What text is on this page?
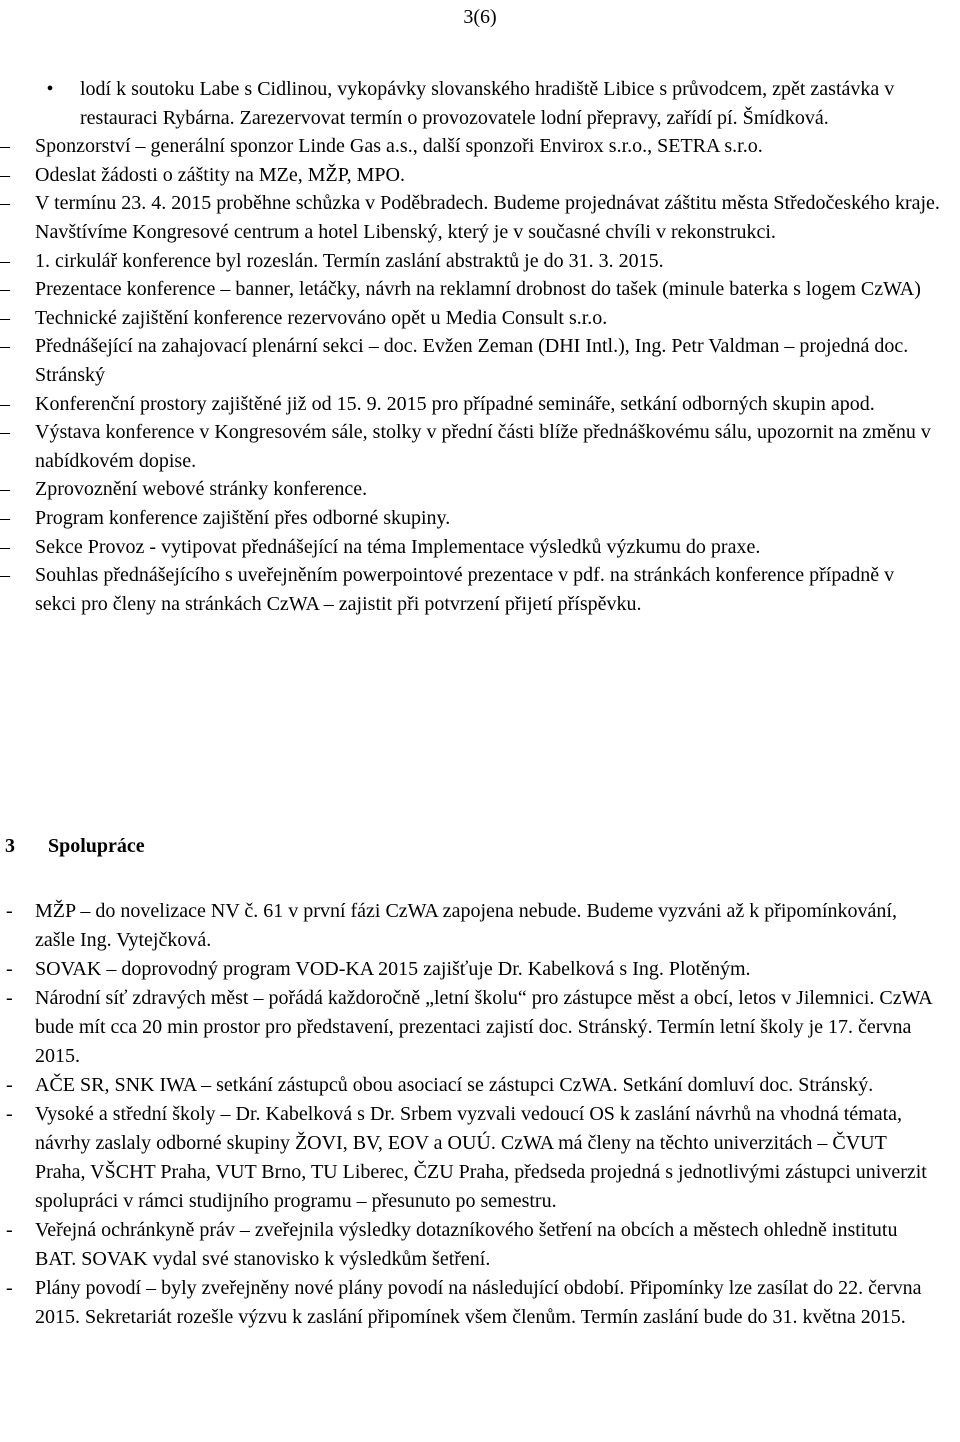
3(6)
•	lodí k soutoku Labe s Cidlinou, vykopávky slovanského hradiště Libice s průvodcem, zpět zastávka v restauraci Rybárna. Zarezervovat termín o provozovatele lodní přepravy, zařídí pí. Šmídková.
–	Sponzorství – generální sponzor Linde Gas a.s., další sponzoři Envirox s.r.o., SETRA s.r.o.
–	Odeslat žádosti o záštity na MZe, MŽP, MPO.
–	V termínu 23. 4. 2015 proběhne schůzka v Poděbradech. Budeme projednávat záštitu města Středočeského kraje. Navštívíme Kongresové centrum a hotel Libenský, který je v současné chvíli v rekonstrukci.
–	1. cirkulář konference byl rozeslán. Termín zaslání abstraktů je do 31. 3. 2015.
–	Prezentace konference – banner, letáčky, návrh na reklamní drobnost do tašek (minule baterka s logem CzWA)
–	Technické zajištění konference rezervováno opět u Media Consult s.r.o.
–	Přednášející na zahajovací plenární sekci – doc. Evžen Zeman (DHI Intl.), Ing. Petr Valdman – projedná doc. Stránský
–	Konferenční prostory zajištěné již od 15. 9. 2015 pro případné semináře, setkání odborných skupin apod.
–	Výstava konference v Kongresovém sále, stolky v přední části blíže přednáškovému sálu, upozornit na změnu v nabídkovém dopise.
–	Zprovoznění webové stránky konference.
–	Program konference zajištění přes odborné skupiny.
–	Sekce Provoz - vytipovat přednášející na téma Implementace výsledků výzkumu do praxe.
–	Souhlas přednášejícího s uveřejněním powerpointové prezentace v pdf. na stránkách konference případně v sekci pro členy na stránkách CzWA – zajistit při potvrzení přijetí příspěvku.
3 Spolupráce
- MŽP – do novelizace NV č. 61 v první fázi CzWA zapojena nebude. Budeme vyzváni až k připomínkování, zašle Ing. Vytejčková.
- SOVAK – doprovodný program VOD-KA 2015 zajišťuje Dr. Kabelková s Ing. Plotěným.
- Národní síť zdravých měst – pořádá každoročně „letní školu“ pro zástupce měst a obcí, letos v Jilemnici. CzWA bude mít cca 20 min prostor pro představení, prezentaci zajistí doc. Stránský. Termín letní školy je 17. června 2015.
- AČE SR, SNK IWA – setkání zástupců obou asociací se zástupci CzWA. Setkání domluví doc. Stránský.
- Vysoké a střední školy – Dr. Kabelková s Dr. Srbem vyzvali vedoucí OS k zaslání návrhů na vhodná témata, návrhy zaslaly odborné skupiny ŽOVI, BV, EOV a OUÚ. CzWA má členy na těchto univerzitách – ČVUT Praha, VŠCHT Praha, VUT Brno, TU Liberec, ČZU Praha, předseda projedná s jednotlivými zástupci univerzit spolupráci v rámci studijního programu – přesunuto po semestru.
- Veřejná ochránkyně práv – zveřejnila výsledky dotazníkového šetření na obcích a městech ohledně institutu BAT. SOVAK vydal své stanovisko k výsledkům šetření.
- Plány povodí – byly zveřejněny nové plány povodí na následující období. Připomínky lze zasílat do 22. června 2015. Sekretariát rozešle výzvu k zaslání připomínek všem členům. Termín zaslání bude do 31. května 2015.
